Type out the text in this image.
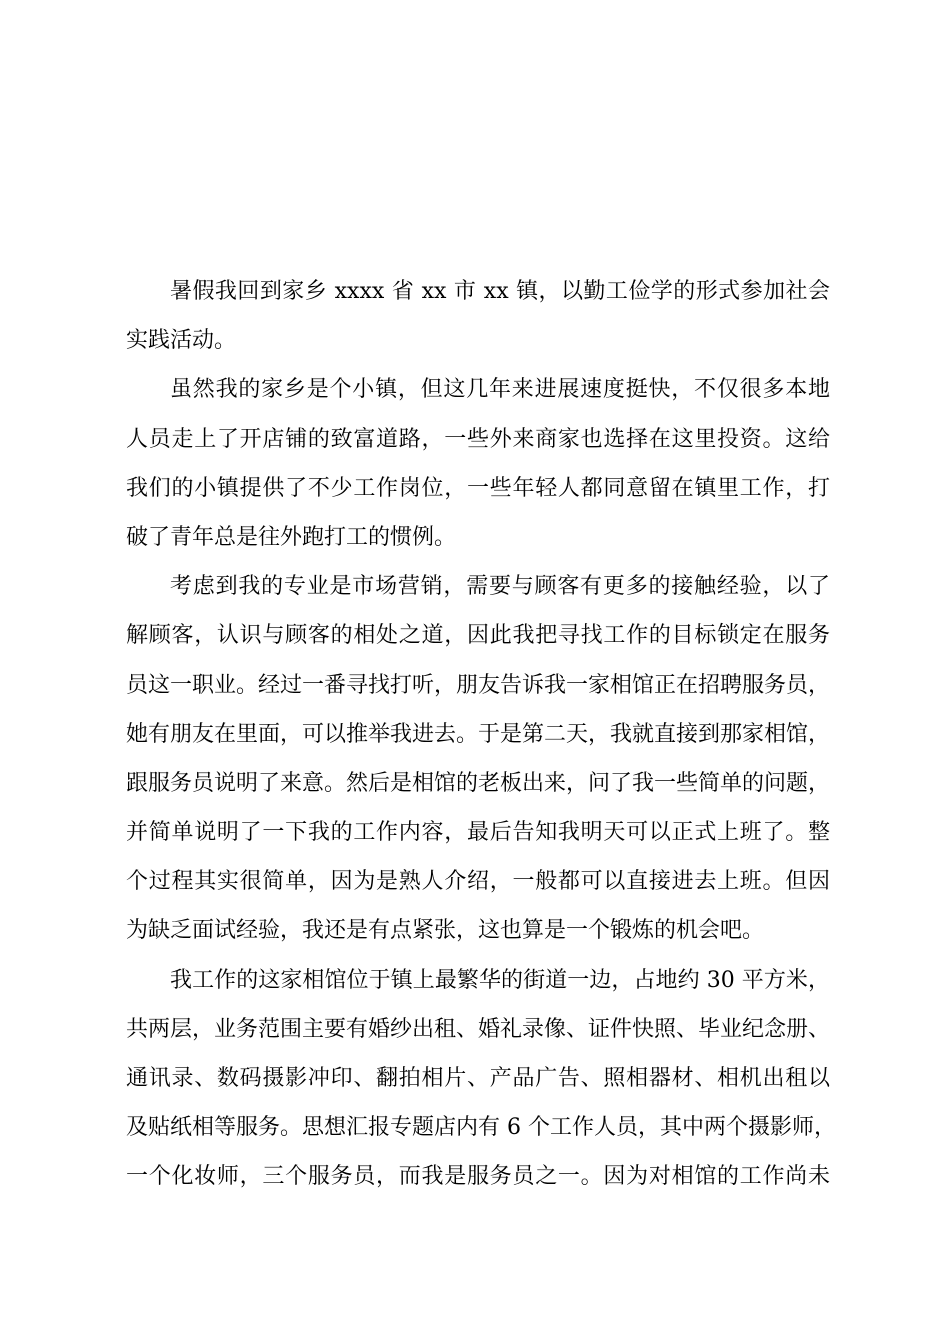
暑假我回到家乡 xxxx 省 xx 市 xx 镇，以勤工俭学的形式参加社会
实践活动。
虽然我的家乡是个小镇，但这几年来进展速度挺快，不仅很多本地
人员走上了开店铺的致富道路，一些外来商家也选择在这里投资。这给
我们的小镇提供了不少工作岗位，一些年轻人都同意留在镇里工作，打
破了青年总是往外跑打工的惯例。
考虑到我的专业是市场营销，需要与顾客有更多的接触经验，以了
解顾客，认识与顾客的相处之道，因此我把寻找工作的目标锁定在服务
员这一职业。经过一番寻找打听，朋友告诉我一家相馆正在招聘服务员，
她有朋友在里面，可以推举我进去。于是第二天，我就直接到那家相馆，
跟服务员说明了来意。然后是相馆的老板出来，问了我一些简单的问题，
并简单说明了一下我的工作内容，最后告知我明天可以正式上班了。整
个过程其实很简单，因为是熟人介绍，一般都可以直接进去上班。但因
为缺乏面试经验，我还是有点紧张，这也算是一个锻炼的机会吧。
我工作的这家相馆位于镇上最繁华的街道一边，占地约 30 平方米，
共两层，业务范围主要有婚纱出租、婚礼录像、证件快照、毕业纪念册、
通讯录、数码摄影冲印、翻拍相片、产品广告、照相器材、相机出租以
及贴纸相等服务。思想汇报专题店内有 6 个工作人员，其中两个摄影师，
一个化妆师，三个服务员，而我是服务员之一。因为对相馆的工作尚未
